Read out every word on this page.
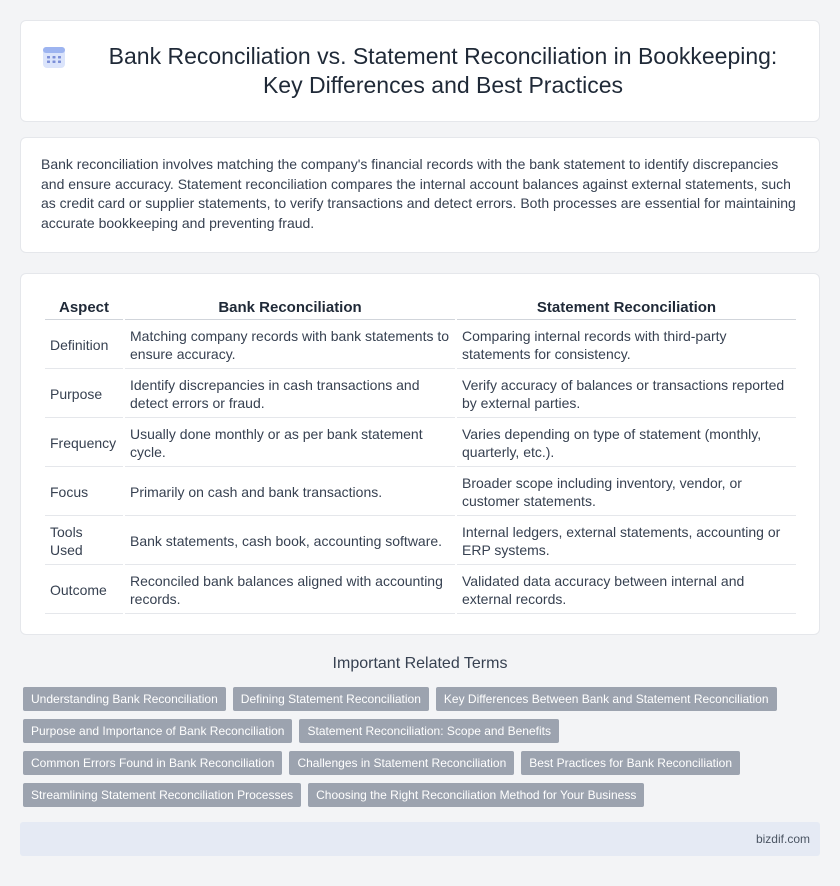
Bank Reconciliation vs. Statement Reconciliation in Bookkeeping: Key Differences and Best Practices

Bank reconciliation involves matching the company's financial records with the bank statement to identify discrepancies and ensure accuracy. Statement reconciliation compares the internal account balances against external statements, such as credit card or supplier statements, to verify transactions and detect errors. Both processes are essential for maintaining accurate bookkeeping and preventing fraud.

Aspect	Bank Reconciliation	Statement Reconciliation
Definition	Matching company records with bank statements to ensure accuracy.	Comparing internal records with third-party statements for consistency.
Purpose	Identify discrepancies in cash transactions and detect errors or fraud.	Verify accuracy of balances or transactions reported by external parties.
Frequency	Usually done monthly or as per bank statement cycle.	Varies depending on type of statement (monthly, quarterly, etc.).
Focus	Primarily on cash and bank transactions.	Broader scope including inventory, vendor, or customer statements.
Tools Used	Bank statements, cash book, accounting software.	Internal ledgers, external statements, accounting or ERP systems.
Outcome	Reconciled bank balances aligned with accounting records.	Validated data accuracy between internal and external records.
Important Related Terms
Understanding Bank Reconciliation	Defining Statement Reconciliation	Key Differences Between Bank and Statement Reconciliation
Purpose and Importance of Bank Reconciliation	Statement Reconciliation: Scope and Benefits
Common Errors Found in Bank Reconciliation	Challenges in Statement Reconciliation	Best Practices for Bank Reconciliation
Streamlining Statement Reconciliation Processes	Choosing the Right Reconciliation Method for Your Business
bizdif.com
